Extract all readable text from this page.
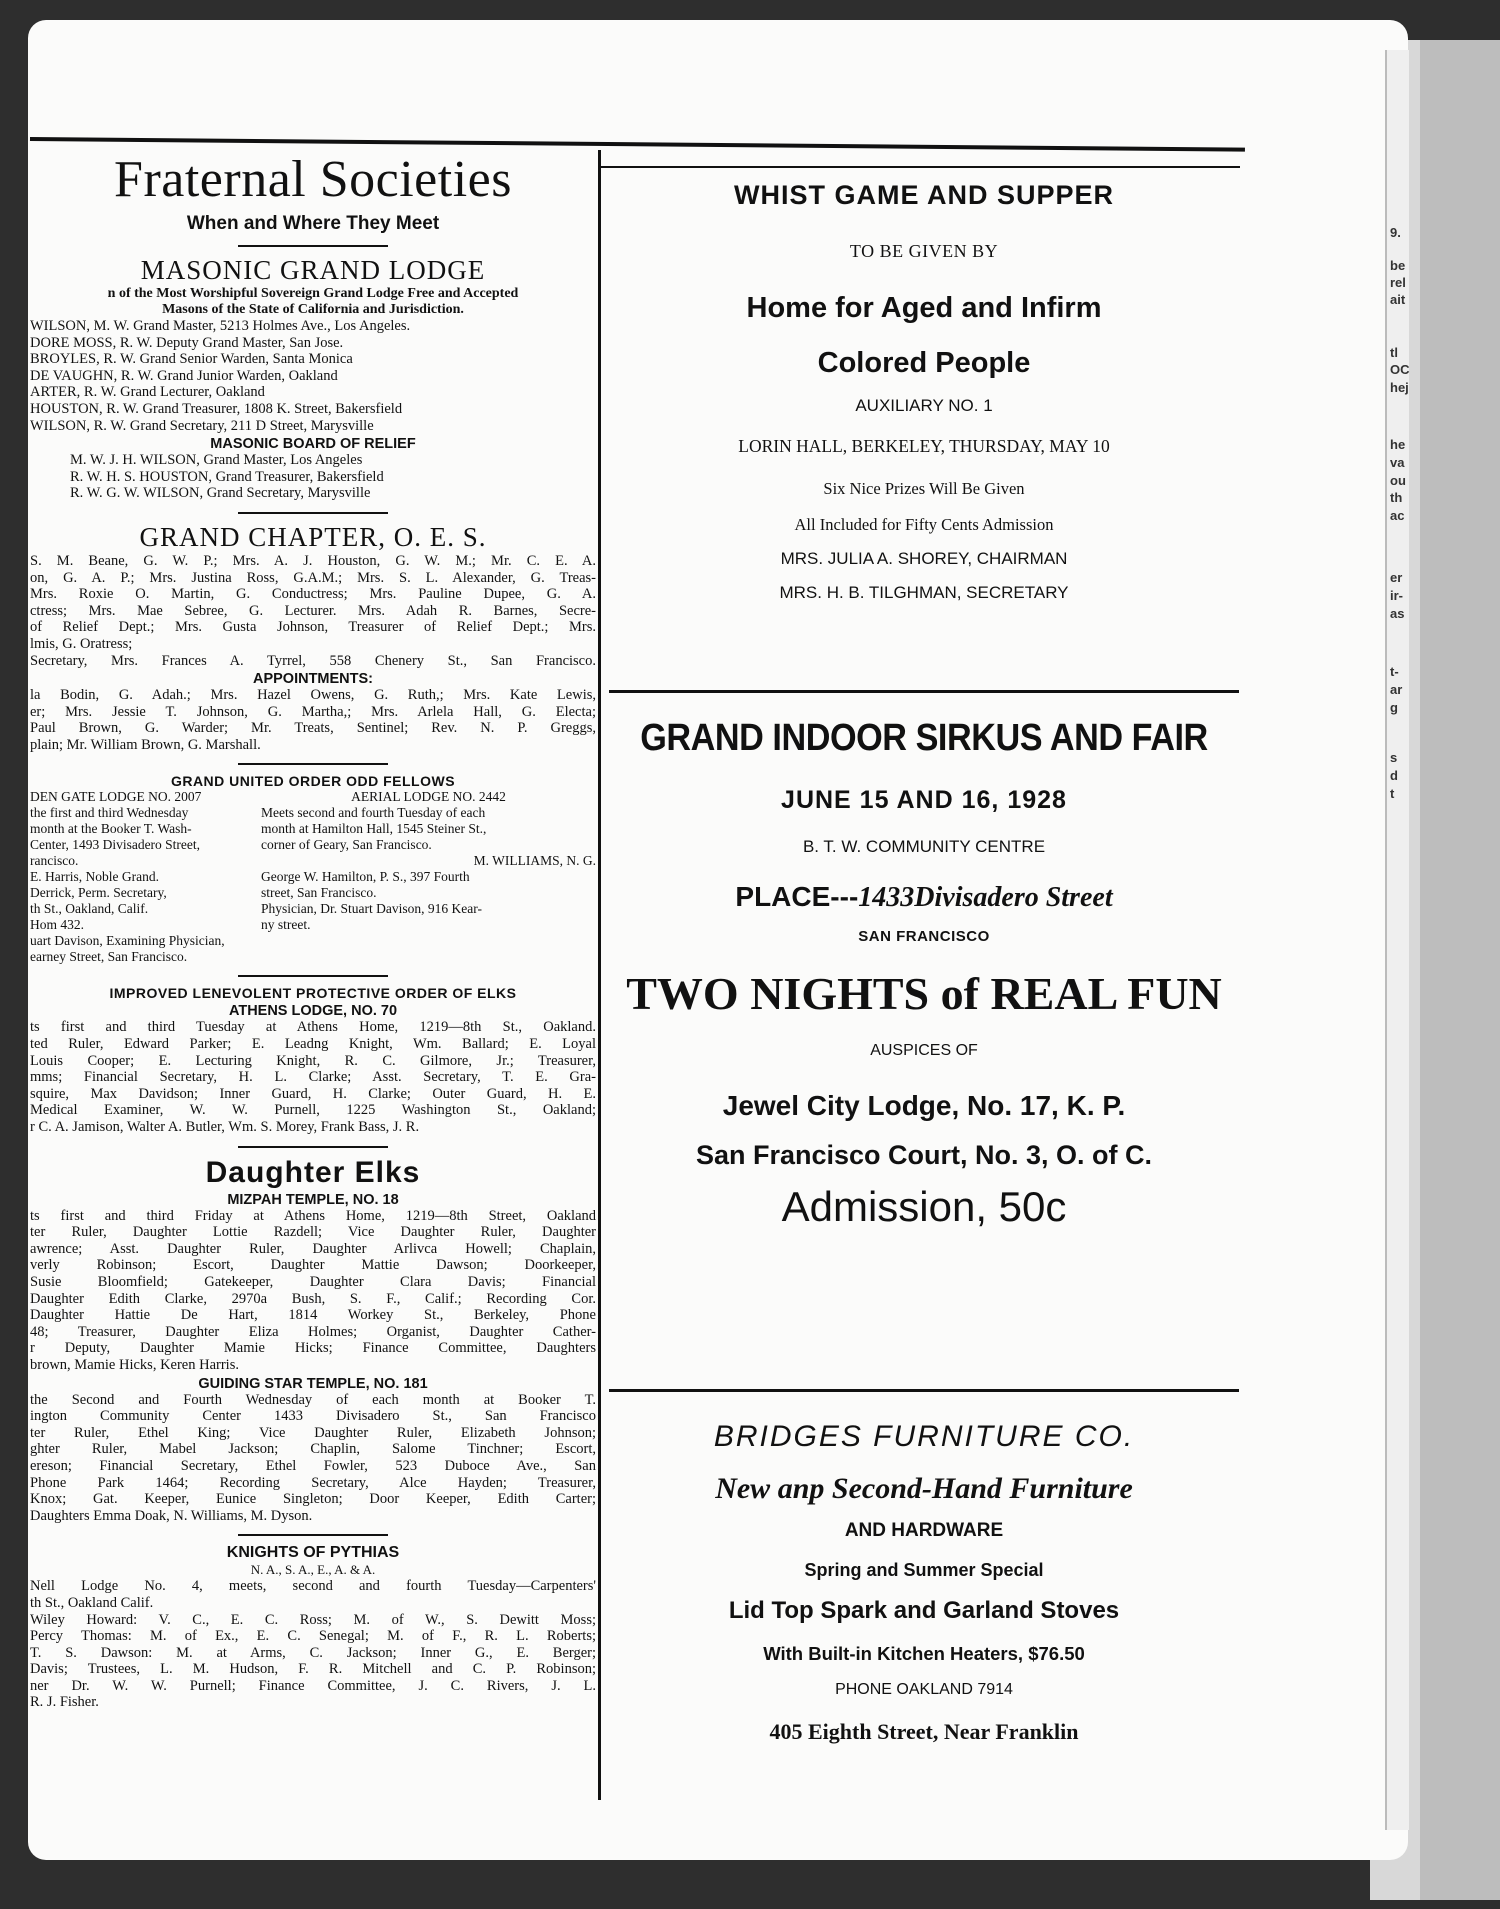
9.
be
rel
ait
tl
OC
hej
he
va
ou
th
ac
er
ir-
as
t-
ar
g
s
d
t
Fraternal Societies
When and Where They Meet
MASONIC GRAND LODGE
n of the Most Worshipful Sovereign Grand Lodge Free and Accepted
Masons of the State of California and Jurisdiction.
WILSON, M. W. Grand Master, 5213 Holmes Ave., Los Angeles.
DORE MOSS, R. W. Deputy Grand Master, San Jose.
BROYLES, R. W. Grand Senior Warden, Santa Monica
DE VAUGHN, R. W. Grand Junior Warden, Oakland
ARTER, R. W. Grand Lecturer, Oakland
HOUSTON, R. W. Grand Treasurer, 1808 K. Street, Bakersfield
WILSON, R. W. Grand Secretary, 211 D Street, Marysville
MASONIC BOARD OF RELIEF
M. W. J. H. WILSON, Grand Master, Los Angeles
R. W. H. S. HOUSTON, Grand Treasurer, Bakersfield
R. W. G. W. WILSON, Grand Secretary, Marysville
GRAND CHAPTER, O. E. S.
S. M. Beane, G. W. P.; Mrs. A. J. Houston, G. W. M.; Mr. C. E. A.
on, G. A. P.; Mrs. Justina Ross, G.A.M.; Mrs. S. L. Alexander, G. Treas-
Mrs. Roxie O. Martin, G. Conductress; Mrs. Pauline Dupee, G. A.
ctress; Mrs. Mae Sebree, G. Lecturer. Mrs. Adah R. Barnes, Secre-
of Relief Dept.; Mrs. Gusta Johnson, Treasurer of Relief Dept.; Mrs.
lmis, G. Oratress;
Secretary, Mrs. Frances A. Tyrrel, 558 Chenery St., San Francisco.
APPOINTMENTS:
la Bodin, G. Adah.; Mrs. Hazel Owens, G. Ruth,; Mrs. Kate Lewis,
er; Mrs. Jessie T. Johnson, G. Martha,; Mrs. Arlela Hall, G. Electa;
Paul Brown, G. Warder; Mr. Treats, Sentinel; Rev. N. P. Greggs,
plain; Mr. William Brown, G. Marshall.
GRAND UNITED ORDER ODD FELLOWS
DEN GATE LODGE NO. 2007
the first and third Wednesday
month at the Booker T. Wash-
Center, 1493 Divisadero Street,
rancisco.
E. Harris, Noble Grand.
Derrick, Perm. Secretary,
th St., Oakland, Calif.
Hom 432.
uart Davison, Examining Physician,
earney Street, San Francisco.
AERIAL LODGE NO. 2442
Meets second and fourth Tuesday of each
month at Hamilton Hall, 1545 Steiner St.,
corner of Geary, San Francisco.
M. WILLIAMS, N. G.
George W. Hamilton, P. S., 397 Fourth
street, San Francisco.
Physician, Dr. Stuart Davison, 916 Kear-
ny street.
IMPROVED LENEVOLENT PROTECTIVE ORDER OF ELKS
ATHENS LODGE, NO. 70
ts first and third Tuesday at Athens Home, 1219—8th St., Oakland.
ted Ruler, Edward Parker; E. Leadng Knight, Wm. Ballard; E. Loyal
Louis Cooper; E. Lecturing Knight, R. C. Gilmore, Jr.; Treasurer,
mms; Financial Secretary, H. L. Clarke; Asst. Secretary, T. E. Gra-
squire, Max Davidson; Inner Guard, H. Clarke; Outer Guard, H. E.
Medical Examiner, W. W. Purnell, 1225 Washington St., Oakland;
r C. A. Jamison, Walter A. Butler, Wm. S. Morey, Frank Bass, J. R.
Daughter Elks
MIZPAH TEMPLE, NO. 18
ts first and third Friday at Athens Home, 1219—8th Street, Oakland
ter Ruler, Daughter Lottie Razdell; Vice Daughter Ruler, Daughter
awrence; Asst. Daughter Ruler, Daughter Arlivca Howell; Chaplain,
verly Robinson; Escort, Daughter Mattie Dawson; Doorkeeper,
Susie Bloomfield; Gatekeeper, Daughter Clara Davis; Financial
Daughter Edith Clarke, 2970a Bush, S. F., Calif.; Recording Cor.
Daughter Hattie De Hart, 1814 Workey St., Berkeley, Phone
48; Treasurer, Daughter Eliza Holmes; Organist, Daughter Cather-
r Deputy, Daughter Mamie Hicks; Finance Committee, Daughters
brown, Mamie Hicks, Keren Harris.
GUIDING STAR TEMPLE, NO. 181
the Second and Fourth Wednesday of each month at Booker T.
ington Community Center 1433 Divisadero St., San Francisco
ter Ruler, Ethel King; Vice Daughter Ruler, Elizabeth Johnson;
ghter Ruler, Mabel Jackson; Chaplin, Salome Tinchner; Escort,
ereson; Financial Secretary, Ethel Fowler, 523 Duboce Ave., San
Phone Park 1464; Recording Secretary, Alce Hayden; Treasurer,
Knox; Gat. Keeper, Eunice Singleton; Door Keeper, Edith Carter;
Daughters Emma Doak, N. Williams, M. Dyson.
KNIGHTS OF PYTHIAS
N. A., S. A., E., A. & A.
Nell Lodge No. 4, meets, second and fourth Tuesday—Carpenters'
th St., Oakland Calif.
Wiley Howard: V. C., E. C. Ross; M. of W., S. Dewitt Moss;
Percy Thomas: M. of Ex., E. C. Senegal; M. of F., R. L. Roberts;
T. S. Dawson: M. at Arms, C. Jackson; Inner G., E. Berger;
Davis; Trustees, L. M. Hudson, F. R. Mitchell and C. P. Robinson;
ner Dr. W. W. Purnell; Finance Committee, J. C. Rivers, J. L.
R. J. Fisher.
WHIST GAME AND SUPPER
TO BE GIVEN BY
Home for Aged and Infirm
Colored People
AUXILIARY NO. 1
LORIN HALL, BERKELEY, THURSDAY, MAY 10
Six Nice Prizes Will Be Given
All Included for Fifty Cents Admission
MRS. JULIA A. SHOREY, CHAIRMAN
MRS. H. B. TILGHMAN, SECRETARY
GRAND INDOOR SIRKUS AND FAIR
JUNE 15 AND 16, 1928
B. T. W. COMMUNITY CENTRE
PLACE---1433Divisadero Street
SAN FRANCISCO
TWO NIGHTS of REAL FUN
AUSPICES OF
Jewel City Lodge, No. 17, K. P.
San Francisco Court, No. 3, O. of C.
Admission, 50c
BRIDGES FURNITURE CO.
New anp Second-Hand Furniture
AND HARDWARE
Spring and Summer Special
Lid Top Spark and Garland Stoves
With Built-in Kitchen Heaters, $76.50
PHONE OAKLAND 7914
405 Eighth Street, Near Franklin
